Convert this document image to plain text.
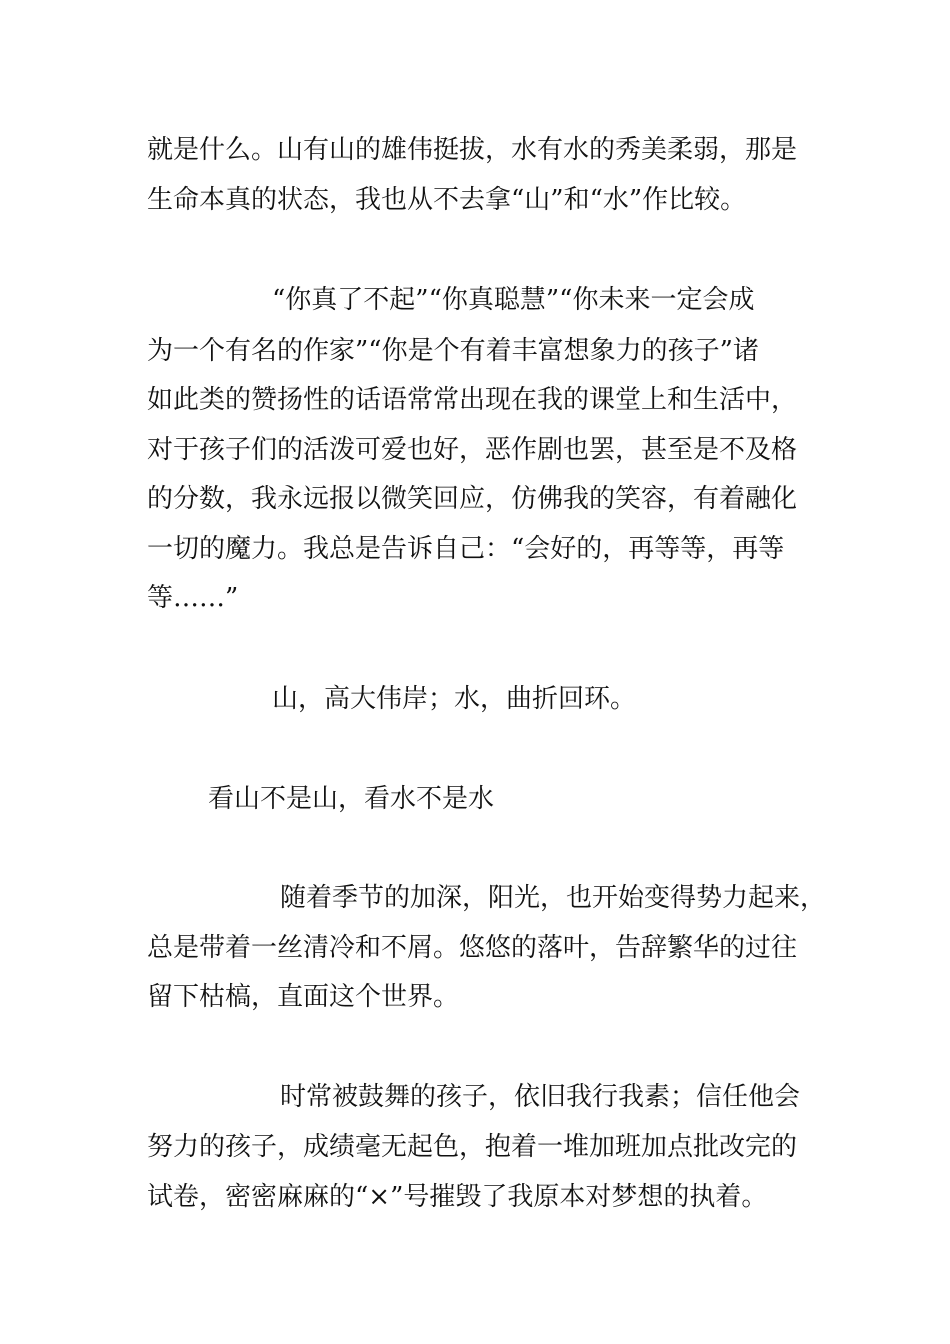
就是什么。山有山的雄伟挺拔，水有水的秀美柔弱，那是

生命本真的状态，我也从不去拿“山”和“水”作比较。

“你真了不起”“你真聪慧”“你未来一定会成

为一个有名的作家”“你是个有着丰富想象力的孩子”诸

如此类的赞扬性的话语常常出现在我的课堂上和生活中，

对于孩子们的活泼可爱也好，恶作剧也罢，甚至是不及格

的分数，我永远报以微笑回应，仿佛我的笑容，有着融化

一切的魔力。我总是告诉自己：“会好的，再等等，再等

等……”

山，高大伟岸；水，曲折回环。

看山不是山，看水不是水

随着季节的加深，阳光，也开始变得势力起来，

总是带着一丝清冷和不屑。悠悠的落叶，告辞繁华的过往

留下枯槁，直面这个世界。

时常被鼓舞的孩子，依旧我行我素；信任他会

努力的孩子，成绩毫无起色，抱着一堆加班加点批改完的

试卷，密密麻麻的“×”号摧毁了我原本对梦想的执着。
